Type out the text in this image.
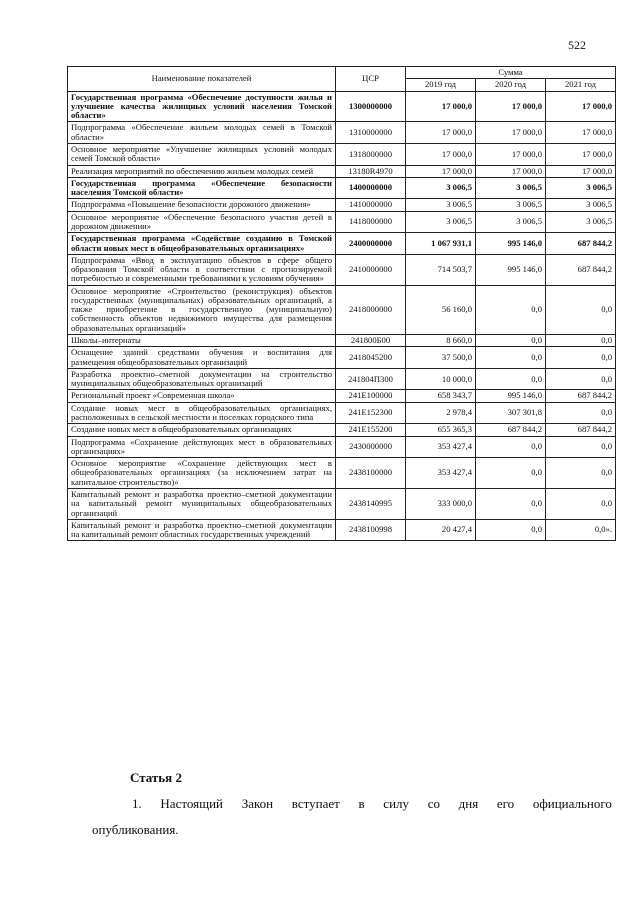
522
Наименование показателей	ЦСР	Сумма		
		2019 год	2020 год	2021 год
Государственная программа «Обеспечение доступности жилья и улучшение качества жилищных условий населения Томской области»	1300000000	17 000,0	17 000,0	17 000,0
Подпрограмма «Обеспечение жильем молодых семей в Томской области»	1310000000	17 000,0	17 000,0	17 000,0
Основное мероприятие «Улучшение жилищных условий молодых семей Томской области»	1318000000	17 000,0	17 000,0	17 000,0
Реализация мероприятий по обеспечению жильем молодых семей	13180R4970	17 000,0	17 000,0	17 000,0
Государственная программа «Обеспечение безопасности населения Томской области»	1400000000	3 006,5	3 006,5	3 006,5
Подпрограмма «Повышение безопасности дорожного движения»	1410000000	3 006,5	3 006,5	3 006,5
Основное мероприятие «Обеспечение безопасного участия детей в дорожном движении»	1418000000	3 006,5	3 006,5	3 006,5
Государственная программа «Содействие созданию в Томской области новых мест в общеобразовательных организациях»	2400000000	1 067 931,1	995 146,0	687 844,2
Подпрограмма «Ввод в эксплуатацию объектов в сфере общего образования Томской области в соответствии с прогнозируемой потребностью и современными требованиями к условиям обучения»	2410000000	714 503,7	995 146,0	687 844,2
Основное мероприятие «Строительство (реконструкция) объектов государственных (муниципальных) образовательных организаций, а также приобретение в государственную (муниципальную) собственность объектов недвижимого имущества для размещения образовательных организаций»	2418000000	56 160,0	0,0	0,0
Школы–интернаты	241800Б00	8 660,0	0,0	0,0
Оснащение зданий средствами обучения и воспитания для размещения общеобразовательных организаций	2418045200	37 500,0	0,0	0,0
Разработка проектно–сметной документации на строительство муниципальных общеобразовательных организаций	241804П300	10 000,0	0,0	0,0
Региональный проект «Современная школа»	241E100000	658 343,7	995 146,0	687 844,2
Создание новых мест в общеобразовательных организациях, расположенных в сельской местности и поселках городского типа	241E152300	2 978,4	307 301,8	0,0
Создание новых мест в общеобразовательных организациях	241E155200	655 365,3	687 844,2	687 844,2
Подпрограмма «Сохранение действующих мест в образовательных организациях»	2430000000	353 427,4	0,0	0,0
Основное мероприятие «Сохранение действующих мест в общеобразовательных организациях (за исключением затрат на капитальное строительство)»	2438100000	353 427,4	0,0	0,0
Капитальный ремонт и разработка проектно–сметной документации на капитальный ремонт муниципальных общеобразовательных организаций	2438140995	333 000,0	0,0	0,0
Капитальный ремонт и разработка проектно–сметной документации на капитальный ремонт областных государственных учреждений	2438100998	20 427,4	0,0	0,0».
Статья 2
1. Настоящий Закон вступает в силу со дня его официального
опубликования.
